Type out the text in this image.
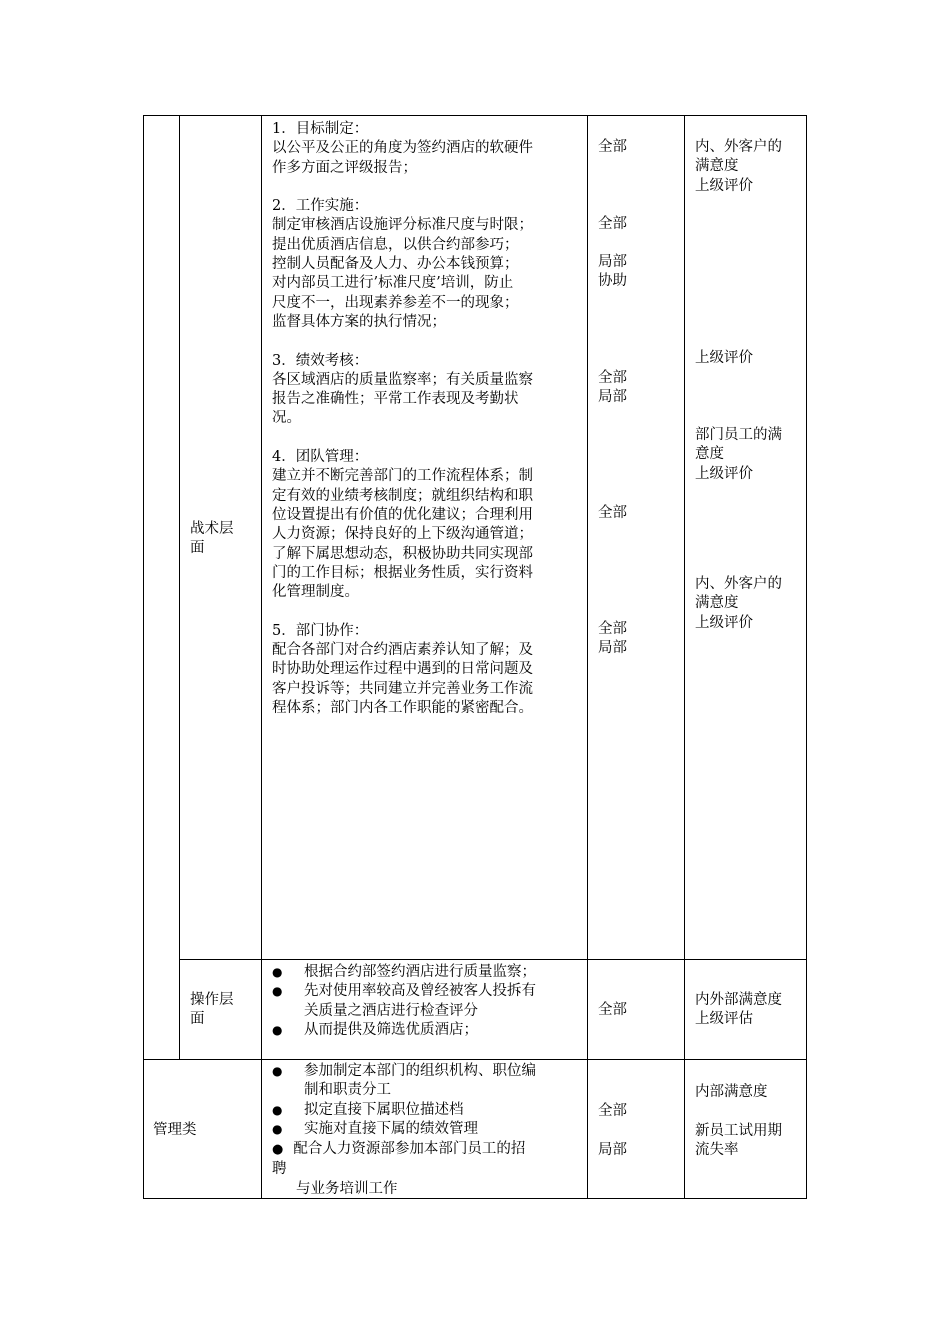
战术层
面
1．目标制定：
以公平及公正的角度为签约酒店的软硬件
作多方面之评级报告；
2．工作实施：
制定审核酒店设施评分标准尺度与时限；
提出优质酒店信息，以供合约部参巧；
控制人员配备及人力、办公本钱预算；
对内部员工进行’标准尺度’培训，防止
尺度不一，出现素养参差不一的现象；
监督具体方案的执行情况；
3．绩效考核：
各区域酒店的质量监察率；有关质量监察
报告之准确性；平常工作表现及考勤状
况。
4．团队管理：
建立并不断完善部门的工作流程体系；制
定有效的业绩考核制度；就组织结构和职
位设置提出有价值的优化建议；合理利用
人力资源；保持良好的上下级沟通管道；
了解下属思想动态，积极协助共同实现部
门的工作目标；根据业务性质，实行资料
化管理制度。
5．部门协作：
配合各部门对合约酒店素养认知了解；及
时协助处理运作过程中遇到的日常问题及
客户投诉等；共同建立并完善业务工作流
程体系；部门内各工作职能的紧密配合。
全部
全部
局部
协助
全部
局部
全部
全部
局部
内、外客户的
满意度
上级评价
上级评价
部门员工的满
意度
上级评价
内、外客户的
满意度
上级评价
操作层
面
● 根据合约部签约酒店进行质量监察；
● 先对使用率较高及曾经被客人投拆有
关质量之酒店进行检查评分
● 从而提供及筛选优质酒店；
全部
内外部满意度
上级评估
管理类
● 参加制定本部门的组织机构、职位编
制和职责分工
● 拟定直接下属职位描述档
● 实施对直接下属的绩效管理
● 配合人力资源部参加本部门员工的招
聘
与业务培训工作
全部
局部
内部满意度
新员工试用期
流失率
